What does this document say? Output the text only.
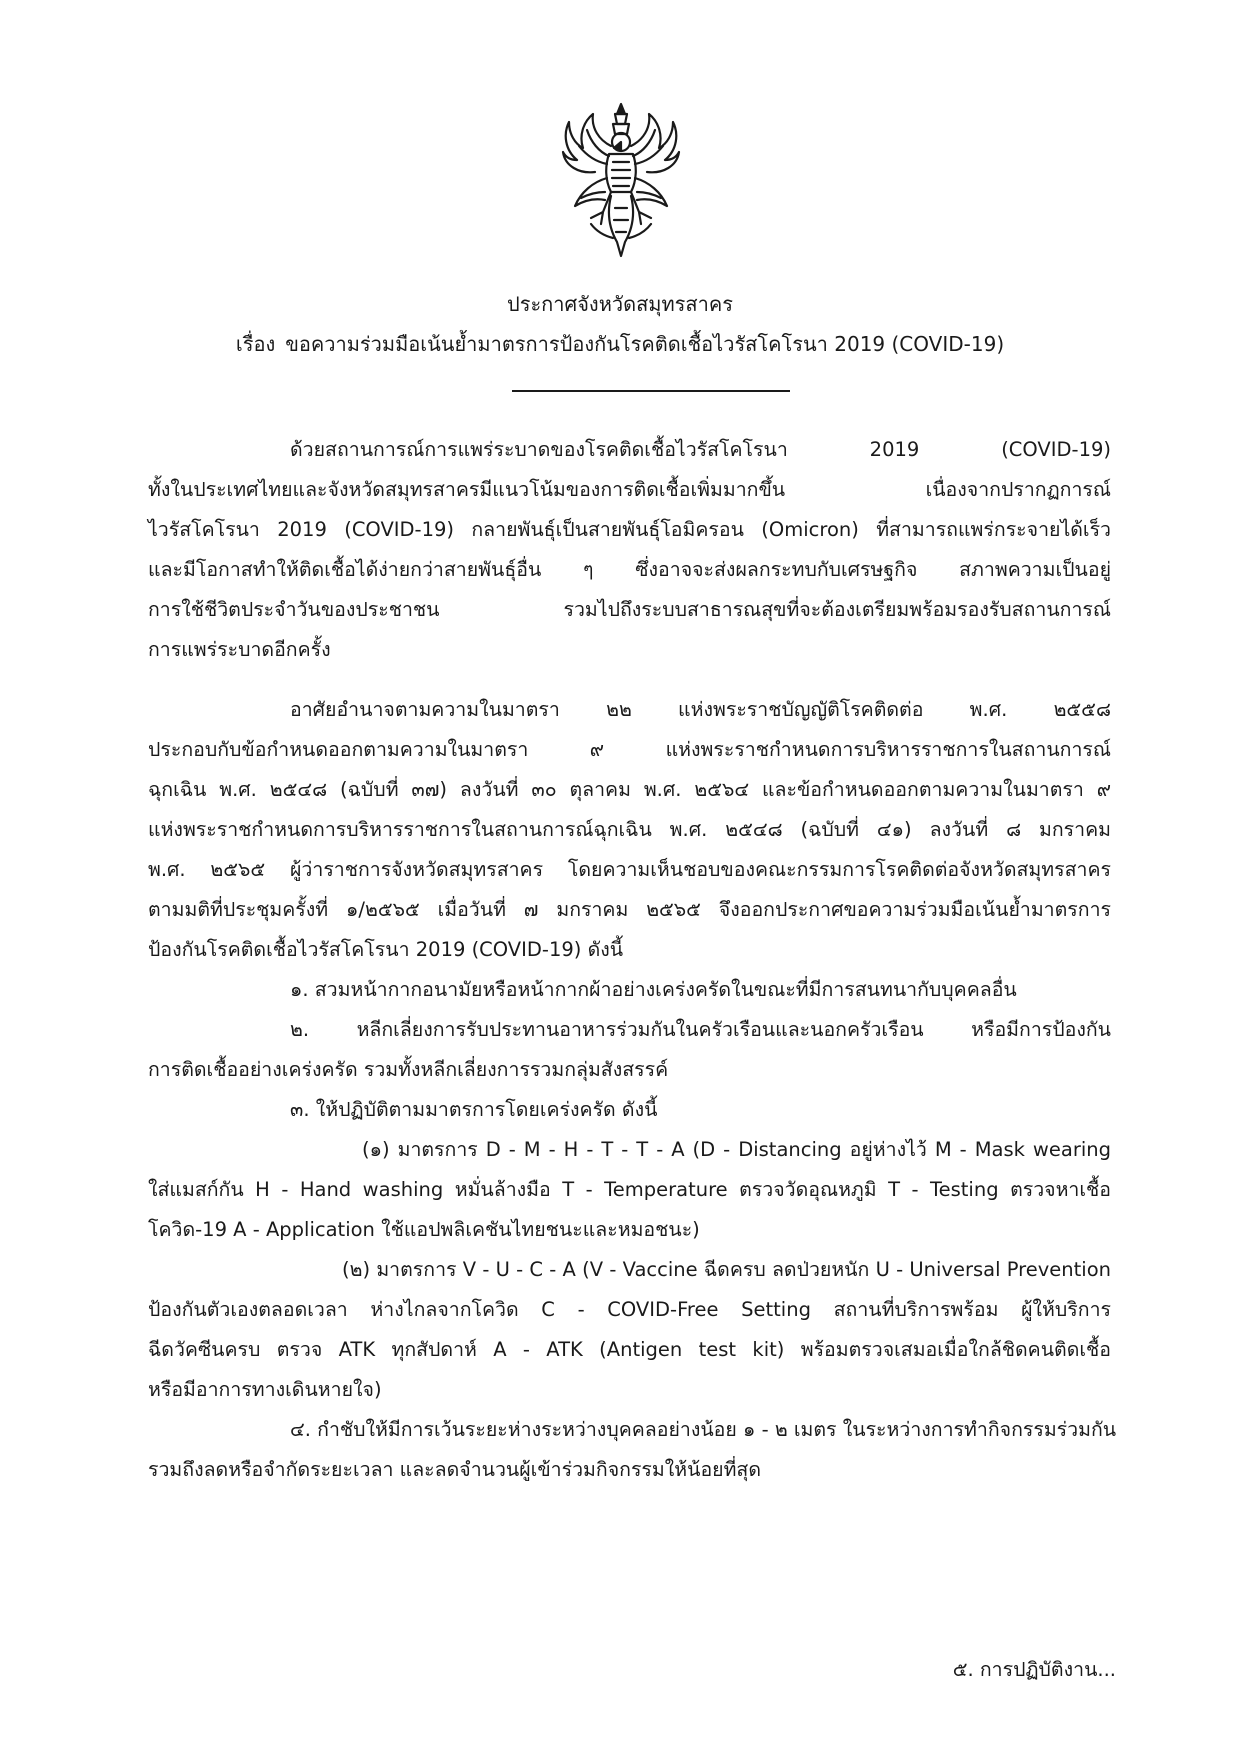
ประกาศจังหวัดสมุทรสาคร
เรื่อง ขอความร่วมมือเน้นย้ำมาตรการป้องกันโรคติดเชื้อไวรัสโคโรนา 2019 (COVID-19)
ด้วยสถานการณ์การแพร่ระบาดของโรคติดเชื้อไวรัสโคโรนา 2019 (COVID-19)
ทั้งในประเทศไทยและจังหวัดสมุทรสาครมีแนวโน้มของการติดเชื้อเพิ่มมากขึ้น เนื่องจากปรากฏการณ์
ไวรัสโคโรนา 2019 (COVID-19) กลายพันธุ์เป็นสายพันธุ์โอมิครอน (Omicron) ที่สามารถแพร่กระจายได้เร็ว
และมีโอกาสทำให้ติดเชื้อได้ง่ายกว่าสายพันธุ์อื่น ๆ ซึ่งอาจจะส่งผลกระทบกับเศรษฐกิจ สภาพความเป็นอยู่
การใช้ชีวิตประจำวันของประชาชน รวมไปถึงระบบสาธารณสุขที่จะต้องเตรียมพร้อมรองรับสถานการณ์
การแพร่ระบาดอีกครั้ง
อาศัยอำนาจตามความในมาตรา ๒๒ แห่งพระราชบัญญัติโรคติดต่อ พ.ศ. ๒๕๕๘
ประกอบกับข้อกำหนดออกตามความในมาตรา ๙ แห่งพระราชกำหนดการบริหารราชการในสถานการณ์
ฉุกเฉิน พ.ศ. ๒๕๔๘ (ฉบับที่ ๓๗) ลงวันที่ ๓๐ ตุลาคม พ.ศ. ๒๕๖๔ และข้อกำหนดออกตามความในมาตรา ๙
แห่งพระราชกำหนดการบริหารราชการในสถานการณ์ฉุกเฉิน พ.ศ. ๒๕๔๘ (ฉบับที่ ๔๑) ลงวันที่ ๘ มกราคม
พ.ศ. ๒๕๖๕ ผู้ว่าราชการจังหวัดสมุทรสาคร โดยความเห็นชอบของคณะกรรมการโรคติดต่อจังหวัดสมุทรสาคร
ตามมติที่ประชุมครั้งที่ ๑/๒๕๖๕ เมื่อวันที่ ๗ มกราคม ๒๕๖๕ จึงออกประกาศขอความร่วมมือเน้นย้ำมาตรการ
ป้องกันโรคติดเชื้อไวรัสโคโรนา 2019 (COVID-19) ดังนี้
๑. สวมหน้ากากอนามัยหรือหน้ากากผ้าอย่างเคร่งครัดในขณะที่มีการสนทนากับบุคคลอื่น
๒. หลีกเลี่ยงการรับประทานอาหารร่วมกันในครัวเรือนและนอกครัวเรือน หรือมีการป้องกัน
การติดเชื้ออย่างเคร่งครัด รวมทั้งหลีกเลี่ยงการรวมกลุ่มสังสรรค์
๓. ให้ปฏิบัติตามมาตรการโดยเคร่งครัด ดังนี้
(๑) มาตรการ D - M - H - T - T - A (D - Distancing อยู่ห่างไว้ M - Mask wearing
ใส่แมสก์กัน H - Hand washing หมั่นล้างมือ T - Temperature ตรวจวัดอุณหภูมิ T - Testing ตรวจหาเชื้อ
โควิด-19 A - Application ใช้แอปพลิเคชันไทยชนะและหมอชนะ)
(๒) มาตรการ V - U - C - A (V - Vaccine ฉีดครบ ลดป่วยหนัก U - Universal Prevention
ป้องกันตัวเองตลอดเวลา ห่างไกลจากโควิด C - COVID-Free Setting สถานที่บริการพร้อม ผู้ให้บริการ
ฉีดวัคซีนครบ ตรวจ ATK ทุกสัปดาห์ A - ATK (Antigen test kit) พร้อมตรวจเสมอเมื่อใกล้ชิดคนติดเชื้อ
หรือมีอาการทางเดินหายใจ)
๔. กำชับให้มีการเว้นระยะห่างระหว่างบุคคลอย่างน้อย ๑ - ๒ เมตร ในระหว่างการทำกิจกรรมร่วมกัน
รวมถึงลดหรือจำกัดระยะเวลา และลดจำนวนผู้เข้าร่วมกิจกรรมให้น้อยที่สุด
๕. การปฏิบัติงาน...
